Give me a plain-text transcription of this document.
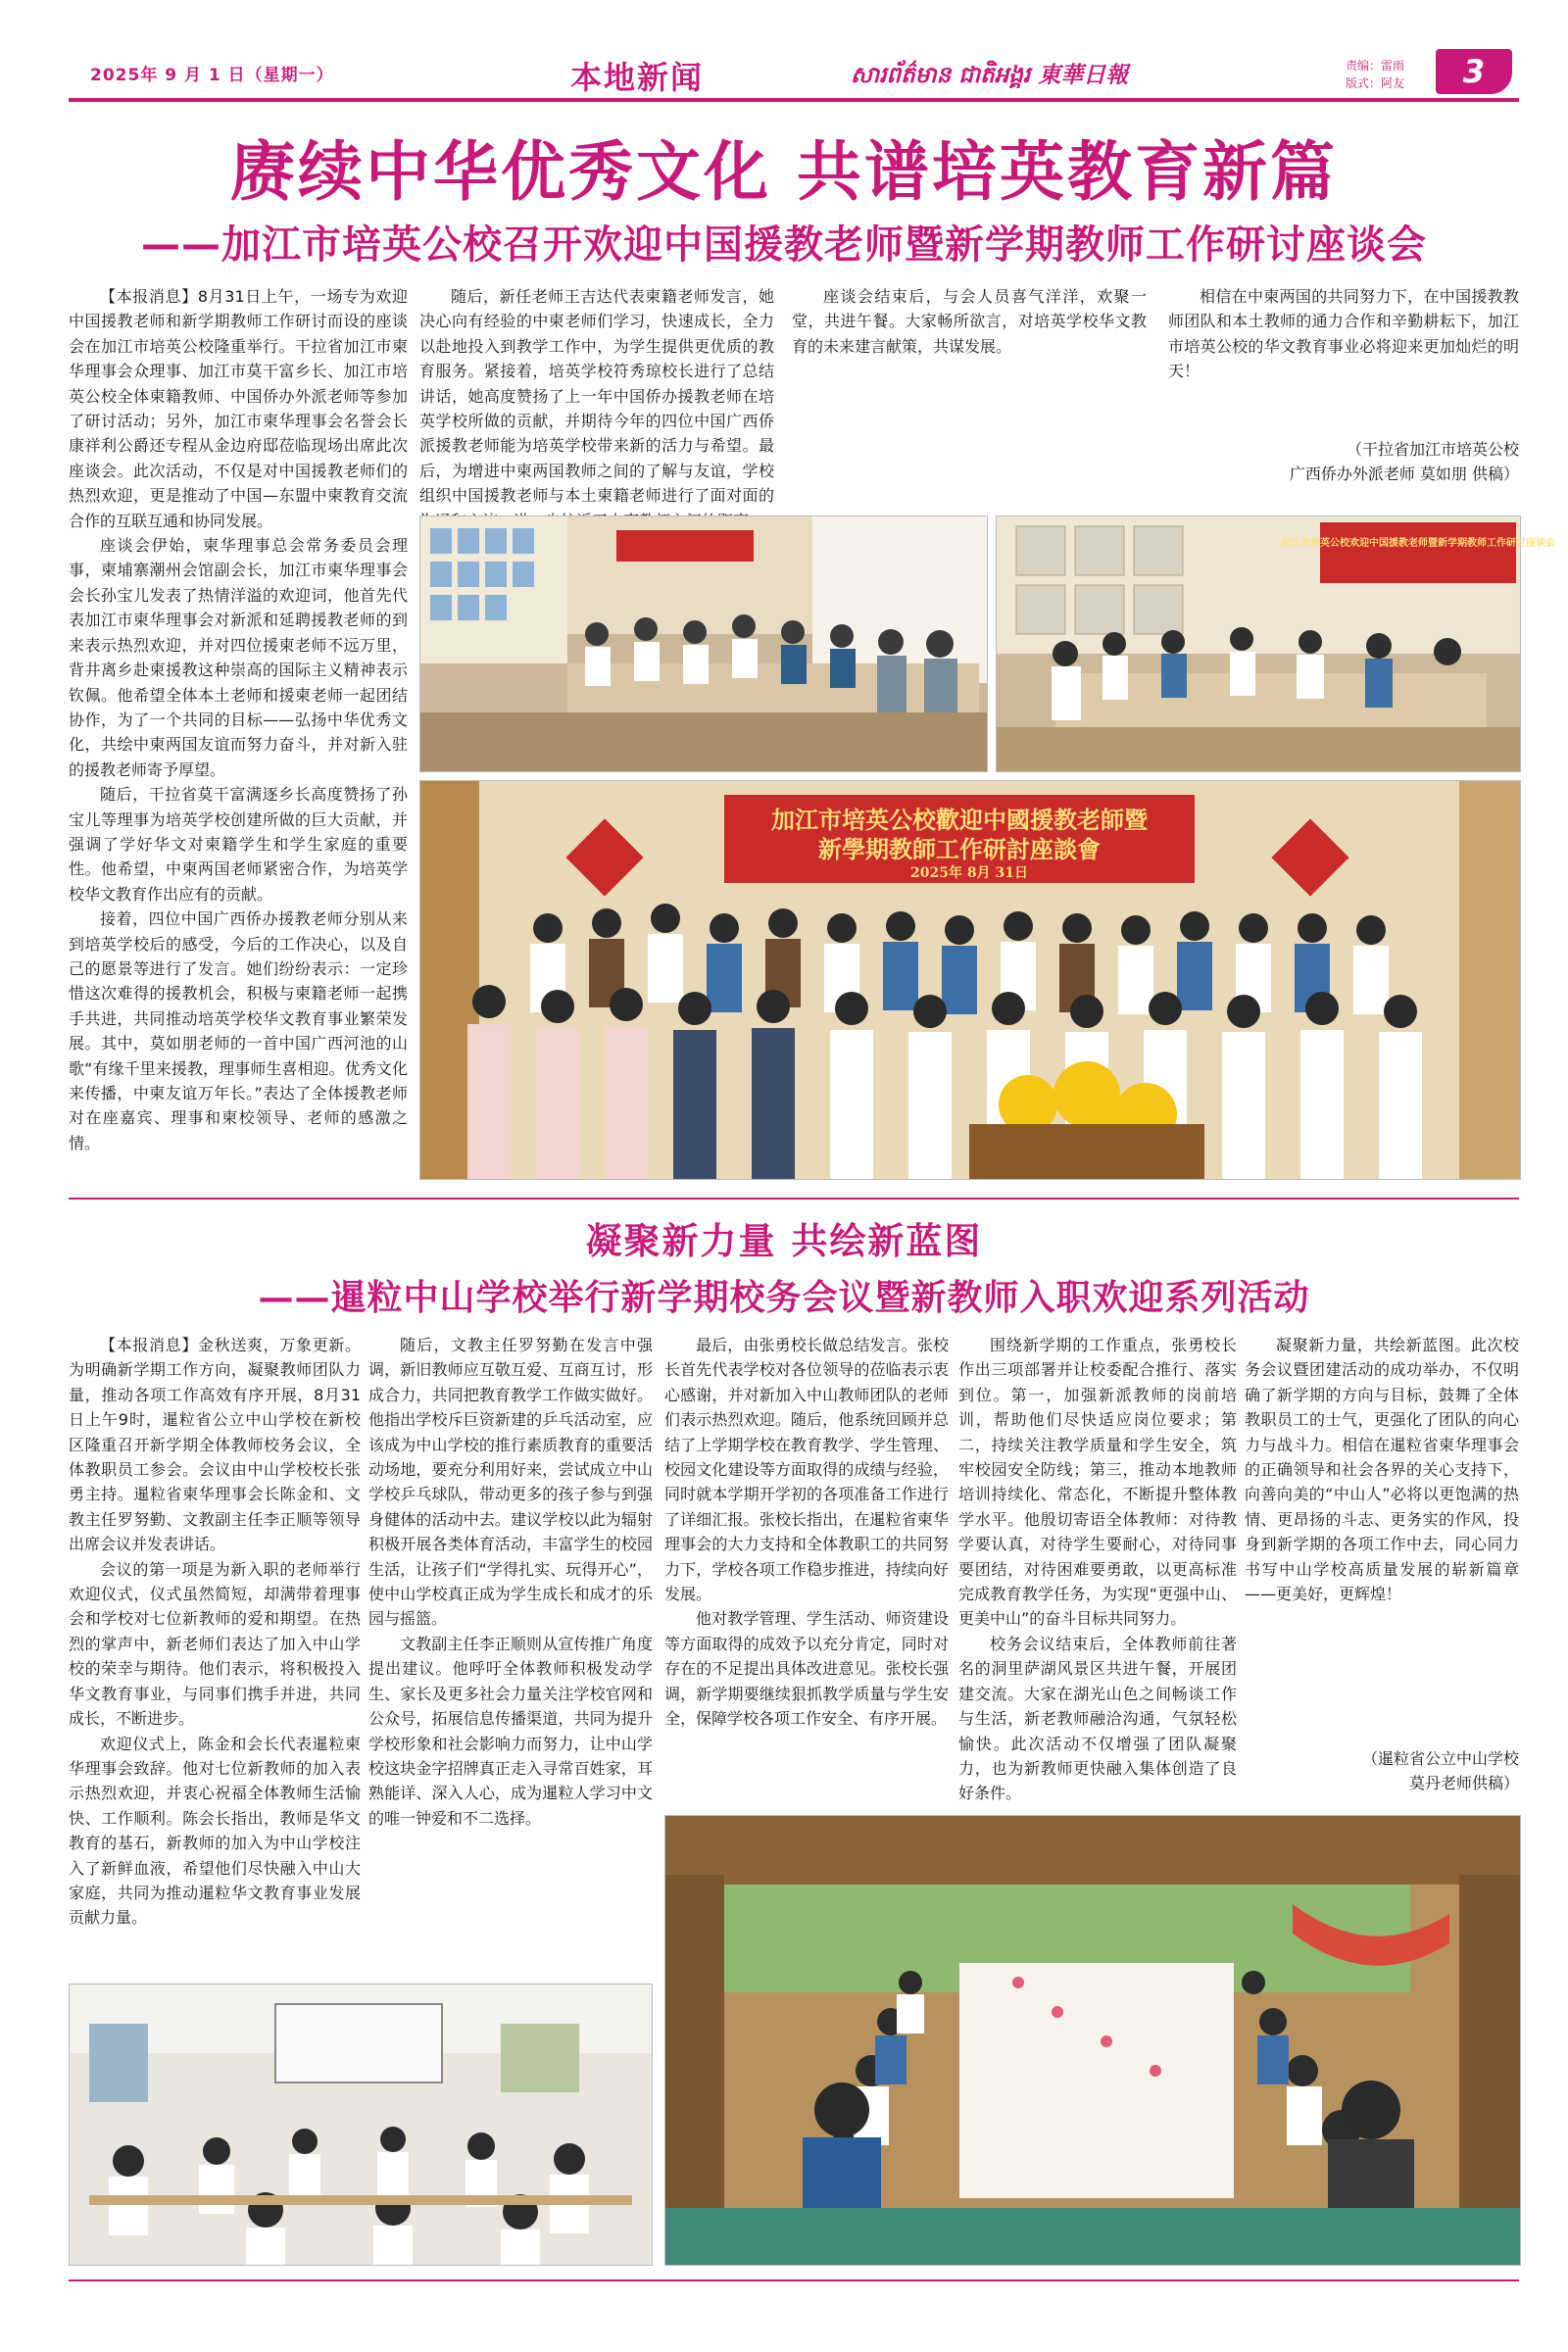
2025年 9 月 1 日（星期一）	本地新闻	សារព័ត៌មាន ជាតិអង្គរ 東華日報	责编：雷雨
版式：阿友	3
赓续中华优秀文化 共谱培英教育新篇
——加江市培英公校召开欢迎中国援教老师暨新学期教师工作研讨座谈会

【本报消息】8月31日上午，一场专为欢迎中国援教老师和新学期教师工作研讨而设的座谈会在加江市培英公校隆重举行。干拉省加江市柬华理事会众理事、加江市莫干富乡长、加江市培英公校全体柬籍教师、中国侨办外派老师等参加了研讨活动；另外，加江市柬华理事会名誉会长康祥利公爵还专程从金边府邸莅临现场出席此次座谈会。此次活动，不仅是对中国援教老师们的热烈欢迎，更是推动了中国—东盟中柬教育交流合作的互联互通和协同发展。

座谈会伊始，柬华理事总会常务委员会理事，柬埔寨潮州会馆副会长，加江市柬华理事会会长孙宝儿发表了热情洋溢的欢迎词，他首先代表加江市柬华理事会对新派和延聘援教老师的到来表示热烈欢迎，并对四位援柬老师不远万里，背井离乡赴柬援教这种崇高的国际主义精神表示钦佩。他希望全体本土老师和援柬老师一起团结协作，为了一个共同的目标——弘扬中华优秀文化，共绘中柬两国友谊而努力奋斗，并对新入驻的援教老师寄予厚望。

随后，干拉省莫干富满逐乡长高度赞扬了孙宝儿等理事为培英学校创建所做的巨大贡献，并强调了学好华文对柬籍学生和学生家庭的重要性。他希望，中柬两国老师紧密合作，为培英学校华文教育作出应有的贡献。

接着，四位中国广西侨办援教老师分别从来到培英学校后的感受，今后的工作决心，以及自己的愿景等进行了发言。她们纷纷表示：一定珍惜这次难得的援教机会，积极与柬籍老师一起携手共进，共同推动培英学校华文教育事业繁荣发展。其中，莫如朋老师的一首中国广西河池的山歌“有缘千里来援教，理事师生喜相迎。优秀文化来传播，中柬友谊万年长。”表达了全体援教老师对在座嘉宾、理事和柬校领导、老师的感激之情。

随后，新任老师王吉达代表柬籍老师发言，她决心向有经验的中柬老师们学习，快速成长，全力以赴地投入到教学工作中，为学生提供更优质的教育服务。紧接着，培英学校符秀琼校长进行了总结讲话，她高度赞扬了上一年中国侨办援教老师在培英学校所做的贡献，并期待今年的四位中国广西侨派援教老师能为培英学校带来新的活力与希望。最后，为增进中柬两国教师之间的了解与友谊，学校组织中国援教老师与本土柬籍老师进行了面对面的

座谈会结束后，与会人员喜气洋洋，欢聚一堂，共进午餐。大家畅所欲言，对培英学校华文教育的未来建言献策，共谋发展。

相信在中柬两国的共同努力下，在中国援教教师团队和本土教师的通力合作和辛勤耕耘下，加江市培英公校的华文教育事业必将迎来更加灿烂的明天！

（干拉省加江市培英公校
广西侨办外派老师 莫如朋 供稿）
加江市培英公校欢迎中国援教老师暨新学期教师工作研讨座谈会
加江市培英公校歡迎中國援教老師暨
新學期教師工作研討座談會
2025年 8月 31日
凝聚新力量 共绘新蓝图
——暹粒中山学校举行新学期校务会议暨新教师入职欢迎系列活动

【本报消息】金秋送爽，万象更新。为明确新学期工作方向，凝聚教师团队力量，推动各项工作高效有序开展，8月31日上午9时，暹粒省公立中山学校在新校区隆重召开新学期全体教师校务会议，全体教职员工参会。会议由中山学校校长张勇主持。暹粒省柬华理事会长陈金和、文教主任罗努勤、文教副主任李正顺等领导出席会议并发表讲话。

会议的第一项是为新入职的老师举行欢迎仪式，仪式虽然简短，却满带着理事会和学校对七位新教师的爱和期望。在热烈的掌声中，新老师们表达了加入中山学校的荣幸与期待。他们表示，将积极投入华文教育事业，与同事们携手并进，共同成长，不断进步。

欢迎仪式上，陈金和会长代表暹粒柬华理事会致辞。他对七位新教师的加入表示热烈欢迎，并衷心祝福全体教师生活愉快、工作顺利。陈会长指出，教师是华文教育的基石，新教师的加入为中山学校注入了新鲜血液，希望他们尽快融入中山大家庭，共同为推动暹粒华文教育事业发展贡献力量。

随后，文教主任罗努勤在发言中强调，新旧教师应互敬互爱、互商互讨，形成合力，共同把教育教学工作做实做好。他指出学校斥巨资新建的乒乓活动室，应该成为中山学校的推行素质教育的重要活动场地，要充分利用好来，尝试成立中山学校乒乓球队，带动更多的孩子参与到强身健体的活动中去。建议学校以此为辐射积极开展各类体育活动，丰富学生的校园生活，让孩子们“学得扎实、玩得开心”，使中山学校真正成为学生成长和成才的乐园与摇篮。

文教副主任李正顺则从宣传推广角度提出建议。他呼吁全体教师积极发动学生、家长及更多社会力量关注学校官网和公众号，拓展信息传播渠道，共同为提升学校形象和社会影响力而努力，让中山学校这块金字招牌真正走入寻常百姓家，耳熟能详、深入人心，成为暹粒人学习中文的唯一钟爱和不二选择。

最后，由张勇校长做总结发言。张校长首先代表学校对各位领导的莅临表示衷心感谢，并对新加入中山教师团队的老师们表示热烈欢迎。随后，他系统回顾并总结了上学期学校在教育教学、学生管理、校园文化建设等方面取得的成绩与经验，同时就本学期开学初的各项准备工作进行了详细汇报。张校长指出，在暹粒省柬华理事会的大力支持和全体教职工的共同努力下，学校各项工作稳步推进，持续向好发展。

他对教学管理、学生活动、师资建设等方面取得的成效予以充分肯定，同时对存在的不足提出具体改进意见。张校长强调，新学期要继续狠抓教学质量与学生安全，保障学校各项工作安全、有序开展。

围绕新学期的工作重点，张勇校长作出三项部署并让校委配合推行、落实到位。第一，加强新派教师的岗前培训，帮助他们尽快适应岗位要求；第二，持续关注教学质量和学生安全，筑牢校园安全防线；第三，推动本地教师培训持续化、常态化，不断提升整体教学水平。他殷切寄语全体教师：对待教学要认真，对待学生要耐心，对待同事要团结，对待困难要勇敢，以更高标准完成教育教学任务，为实现“更强中山、更美中山”的奋斗目标共同努力。

校务会议结束后，全体教师前往著名的洞里萨湖风景区共进午餐，开展团建交流。大家在湖光山色之间畅谈工作与生活，新老教师融洽沟通，气氛轻松愉快。此次活动不仅增强了团队凝聚力，也为新教师更快融入集体创造了良好条件。

凝聚新力量，共绘新蓝图。此次校务会议暨团建活动的成功举办，不仅明确了新学期的方向与目标，鼓舞了全体教职员工的士气，更强化了团队的向心力与战斗力。相信在暹粒省柬华理事会的正确领导和社会各界的关心支持下，向善向美的“中山人”必将以更饱满的热情、更昂扬的斗志、更务实的作风，投身到新学期的各项工作中去，同心同力书写中山学校高质量发展的崭新篇章——更美好，更辉煌！

（暹粒省公立中山学校
莫丹老师供稿）
